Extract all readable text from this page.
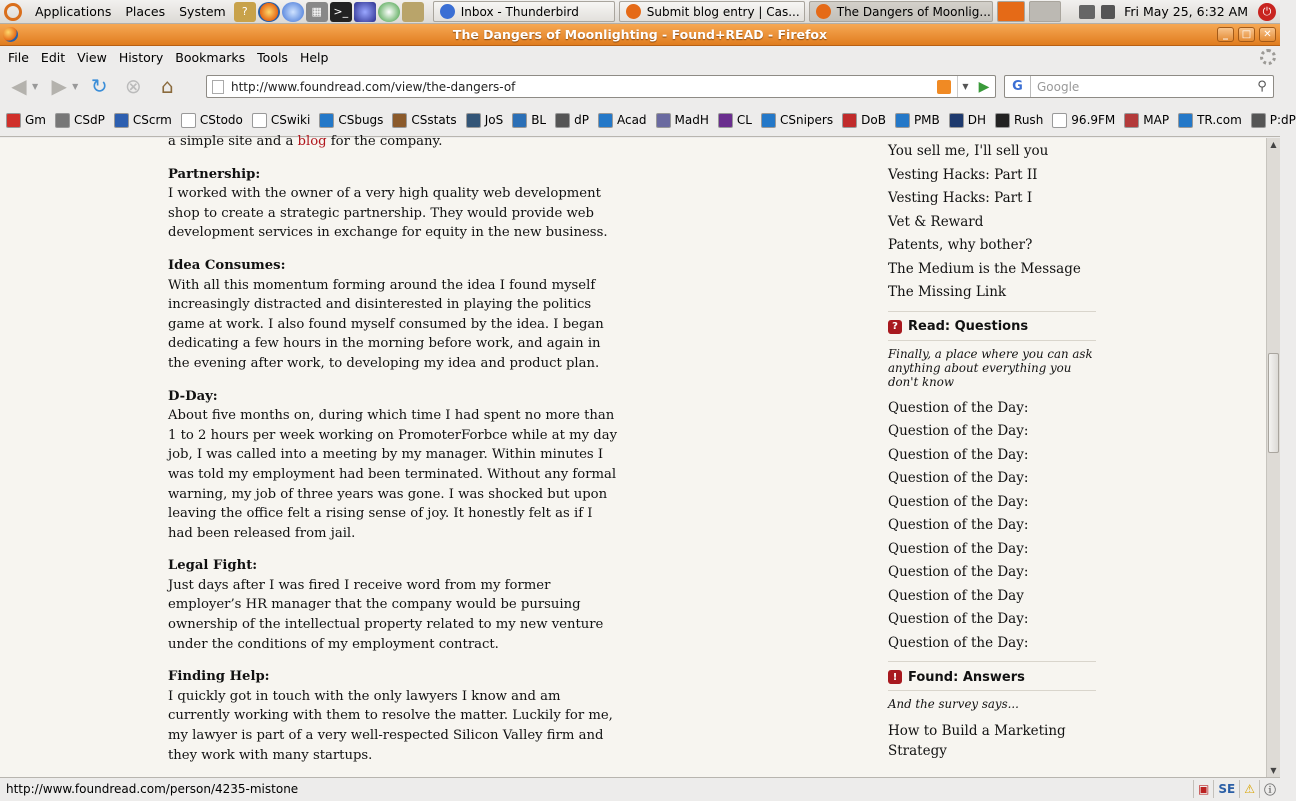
Applications	Places	System	?	▦	>_	Inbox - Thunderbird	Submit blog entry | Cas...	The Dangers of Moonlig...	Fri May 25, 6:32 AM	⏻
The Dangers of Moonlighting - Found+READ - Firefox	_	□	✕
File Edit View History Bookmarks Tools Help
◀ ▼ ▶ ▼ ↻ ⊗ ⌂	http://www.foundread.com/view/the-dangers-of	▼ ▶	G	Google	⚲
Gm CSdP CScrm CStodo CSwiki CSbugs CSstats JoS BL dP Acad MadH CL CSnipers DoB PMB DH Rush 96.9FM MAP TR.com P:dP
a simple site and a blog for the company.
Partnership:
I worked with the owner of a very high quality web development shop to create a strategic partnership. They would provide web development services in exchange for equity in the new business.
Idea Consumes:
With all this momentum forming around the idea I found myself increasingly distracted and disinterested in playing the politics game at work. I also found myself consumed by the idea. I began dedicating a few hours in the morning before work, and again in the evening after work, to developing my idea and product plan.
D-Day:
About five months on, during which time I had spent no more than 1 to 2 hours per week working on PromoterForbce while at my day job, I was called into a meeting by my manager. Within minutes I was told my employment had been terminated. Without any formal warning, my job of three years was gone. I was shocked but upon leaving the office felt a rising sense of joy. It honestly felt as if I had been released from jail.
Legal Fight:
Just days after I was fired I receive word from my former employer’s HR manager that the company would be pursuing ownership of the intellectual property related to my new venture under the conditions of my employment contract.
Finding Help:
I quickly got in touch with the only lawyers I know and am currently working with them to resolve the matter. Luckily for me, my lawyer is part of a very well-respected Silicon Valley firm and they work with many startups.
You sell me, I'll sell you
Vesting Hacks: Part II
Vesting Hacks: Part I
Vet & Reward
Patents, why bother?
The Medium is the Message
The Missing Link
? Read: Questions
Finally, a place where you can ask anything about everything you don't know
Question of the Day:
Question of the Day:
Question of the Day:
Question of the Day:
Question of the Day:
Question of the Day:
Question of the Day:
Question of the Day:
Question of the Day
Question of the Day:
Question of the Day:
! Found: Answers
And the survey says...
How to Build a Marketing Strategy
▲
▼
http://www.foundread.com/person/4235-mistone	▣ SE ⚠ ⓘ
